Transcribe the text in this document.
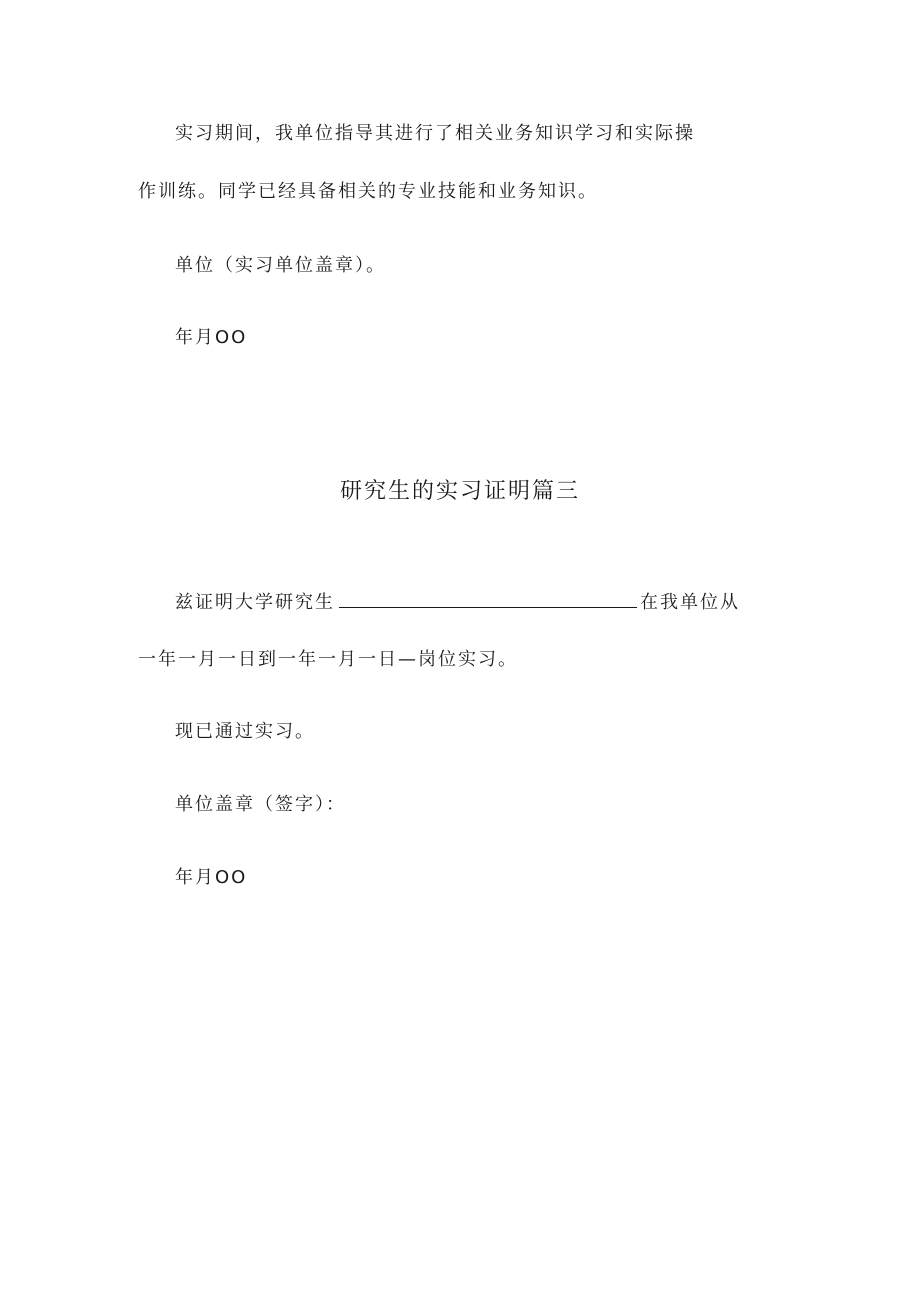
实习期间，我单位指导其进行了相关业务知识学习和实际操
作训练。同学已经具备相关的专业技能和业务知识。
单位（实习单位盖章）。
年月OO
研究生的实习证明篇三
兹证明大学研究生	在我单位从
一年一月一日到一年一月一日—岗位实习。
现已通过实习。
单位盖章（签字）：
年月OO
